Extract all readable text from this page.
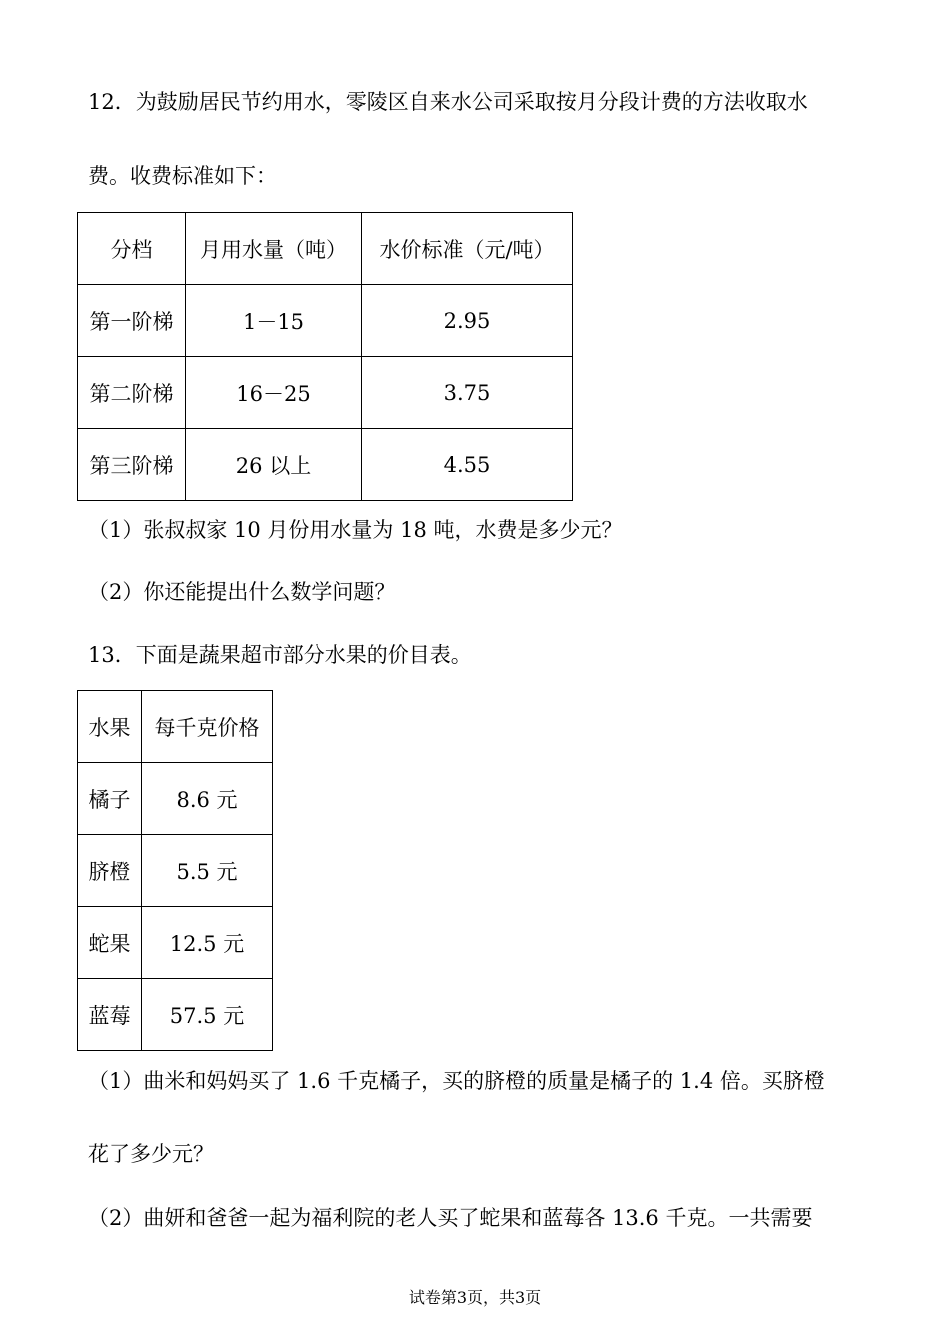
12．为鼓励居民节约用水，零陵区自来水公司采取按月分段计费的方法收取水
费。收费标准如下：
分档	月用水量（吨）	水价标准（元/吨）
第一阶梯	1－15	2.95
第二阶梯	16－25	3.75
第三阶梯	26 以上	4.55
（1）张叔叔家 10 月份用水量为 18 吨，水费是多少元？
（2）你还能提出什么数学问题？
13．下面是蔬果超市部分水果的价目表。
水果	每千克价格
橘子	8.6 元
脐橙	5.5 元
蛇果	12.5 元
蓝莓	57.5 元
（1）曲米和妈妈买了 1.6 千克橘子，买的脐橙的质量是橘子的 1.4 倍。买脐橙
花了多少元？
（2）曲妍和爸爸一起为福利院的老人买了蛇果和蓝莓各 13.6 千克。一共需要
试卷第3页，共3页
